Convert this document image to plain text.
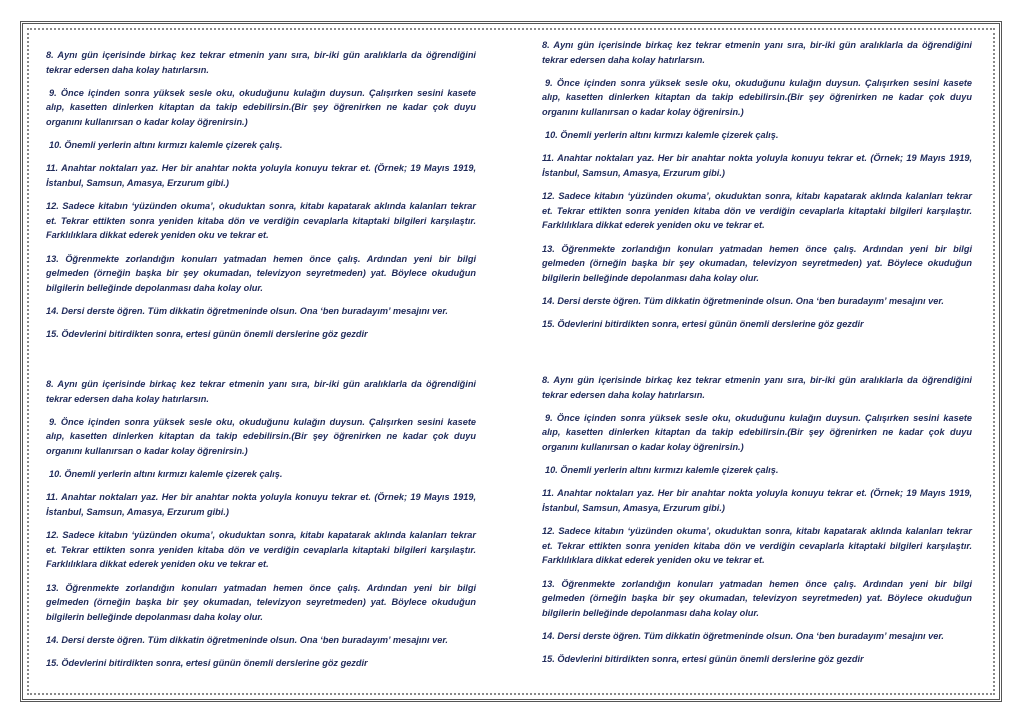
8. Aynı gün içerisinde birkaç kez tekrar etmenin yanı sıra, bir-iki gün aralıklarla da öğrendiğini tekrar edersen daha kolay hatırlarsın.

9. Önce içinden sonra yüksek sesle oku, okuduğunu kulağın duysun. Çalışırken sesini kasete alıp, kasetten dinlerken kitaptan da takip edebilirsin.(Bir şey öğrenirken ne kadar çok duyu organını kullanırsan o kadar kolay öğrenirsin.)

10. Önemli yerlerin altını kırmızı kalemle çizerek çalış.

11. Anahtar noktaları yaz. Her bir anahtar nokta yoluyla konuyu tekrar et. (Örnek; 19 Mayıs 1919, İstanbul, Samsun, Amasya, Erzurum gibi.)

12. Sadece kitabın ‘yüzünden okuma’, okuduktan sonra, kitabı kapatarak aklında kalanları tekrar et. Tekrar ettikten sonra yeniden kitaba dön ve verdiğin cevaplarla kitaptaki bilgileri karşılaştır. Farklılıklara dikkat ederek yeniden oku ve tekrar et.

13. Öğrenmekte zorlandığın konuları yatmadan hemen önce çalış. Ardından yeni bir bilgi gelmeden (örneğin başka bir şey okumadan, televizyon seyretmeden) yat. Böylece okuduğun bilgilerin belleğinde depolanması daha kolay olur.

14. Dersi derste öğren. Tüm dikkatin öğretmeninde olsun. Ona ‘ben buradayım’ mesajını ver.

15. Ödevlerini bitirdikten sonra, ertesi günün önemli derslerine göz gezdir

8. Aynı gün içerisinde birkaç kez tekrar etmenin yanı sıra, bir-iki gün aralıklarla da öğrendiğini tekrar edersen daha kolay hatırlarsın.

9. Önce içinden sonra yüksek sesle oku, okuduğunu kulağın duysun. Çalışırken sesini kasete alıp, kasetten dinlerken kitaptan da takip edebilirsin.(Bir şey öğrenirken ne kadar çok duyu organını kullanırsan o kadar kolay öğrenirsin.)

10. Önemli yerlerin altını kırmızı kalemle çizerek çalış.

11. Anahtar noktaları yaz. Her bir anahtar nokta yoluyla konuyu tekrar et. (Örnek; 19 Mayıs 1919, İstanbul, Samsun, Amasya, Erzurum gibi.)

12. Sadece kitabın ‘yüzünden okuma’, okuduktan sonra, kitabı kapatarak aklında kalanları tekrar et. Tekrar ettikten sonra yeniden kitaba dön ve verdiğin cevaplarla kitaptaki bilgileri karşılaştır. Farklılıklara dikkat ederek yeniden oku ve tekrar et.

13. Öğrenmekte zorlandığın konuları yatmadan hemen önce çalış. Ardından yeni bir bilgi gelmeden (örneğin başka bir şey okumadan, televizyon seyretmeden) yat. Böylece okuduğun bilgilerin belleğinde depolanması daha kolay olur.

14. Dersi derste öğren. Tüm dikkatin öğretmeninde olsun. Ona ‘ben buradayım’ mesajını ver.

15. Ödevlerini bitirdikten sonra, ertesi günün önemli derslerine göz gezdir

8. Aynı gün içerisinde birkaç kez tekrar etmenin yanı sıra, bir-iki gün aralıklarla da öğrendiğini tekrar edersen daha kolay hatırlarsın.

9. Önce içinden sonra yüksek sesle oku, okuduğunu kulağın duysun. Çalışırken sesini kasete alıp, kasetten dinlerken kitaptan da takip edebilirsin.(Bir şey öğrenirken ne kadar çok duyu organını kullanırsan o kadar kolay öğrenirsin.)

10. Önemli yerlerin altını kırmızı kalemle çizerek çalış.

11. Anahtar noktaları yaz. Her bir anahtar nokta yoluyla konuyu tekrar et. (Örnek; 19 Mayıs 1919, İstanbul, Samsun, Amasya, Erzurum gibi.)

12. Sadece kitabın ‘yüzünden okuma’, okuduktan sonra, kitabı kapatarak aklında kalanları tekrar et. Tekrar ettikten sonra yeniden kitaba dön ve verdiğin cevaplarla kitaptaki bilgileri karşılaştır. Farklılıklara dikkat ederek yeniden oku ve tekrar et.

13. Öğrenmekte zorlandığın konuları yatmadan hemen önce çalış. Ardından yeni bir bilgi gelmeden (örneğin başka bir şey okumadan, televizyon seyretmeden) yat. Böylece okuduğun bilgilerin belleğinde depolanması daha kolay olur.

14. Dersi derste öğren. Tüm dikkatin öğretmeninde olsun. Ona ‘ben buradayım’ mesajını ver.

15. Ödevlerini bitirdikten sonra, ertesi günün önemli derslerine göz gezdir

8. Aynı gün içerisinde birkaç kez tekrar etmenin yanı sıra, bir-iki gün aralıklarla da öğrendiğini tekrar edersen daha kolay hatırlarsın.

9. Önce içinden sonra yüksek sesle oku, okuduğunu kulağın duysun. Çalışırken sesini kasete alıp, kasetten dinlerken kitaptan da takip edebilirsin.(Bir şey öğrenirken ne kadar çok duyu organını kullanırsan o kadar kolay öğrenirsin.)

10. Önemli yerlerin altını kırmızı kalemle çizerek çalış.

11. Anahtar noktaları yaz. Her bir anahtar nokta yoluyla konuyu tekrar et. (Örnek; 19 Mayıs 1919, İstanbul, Samsun, Amasya, Erzurum gibi.)

12. Sadece kitabın ‘yüzünden okuma’, okuduktan sonra, kitabı kapatarak aklında kalanları tekrar et. Tekrar ettikten sonra yeniden kitaba dön ve verdiğin cevaplarla kitaptaki bilgileri karşılaştır. Farklılıklara dikkat ederek yeniden oku ve tekrar et.

13. Öğrenmekte zorlandığın konuları yatmadan hemen önce çalış. Ardından yeni bir bilgi gelmeden (örneğin başka bir şey okumadan, televizyon seyretmeden) yat. Böylece okuduğun bilgilerin belleğinde depolanması daha kolay olur.

14. Dersi derste öğren. Tüm dikkatin öğretmeninde olsun. Ona ‘ben buradayım’ mesajını ver.

15. Ödevlerini bitirdikten sonra, ertesi günün önemli derslerine göz gezdir
